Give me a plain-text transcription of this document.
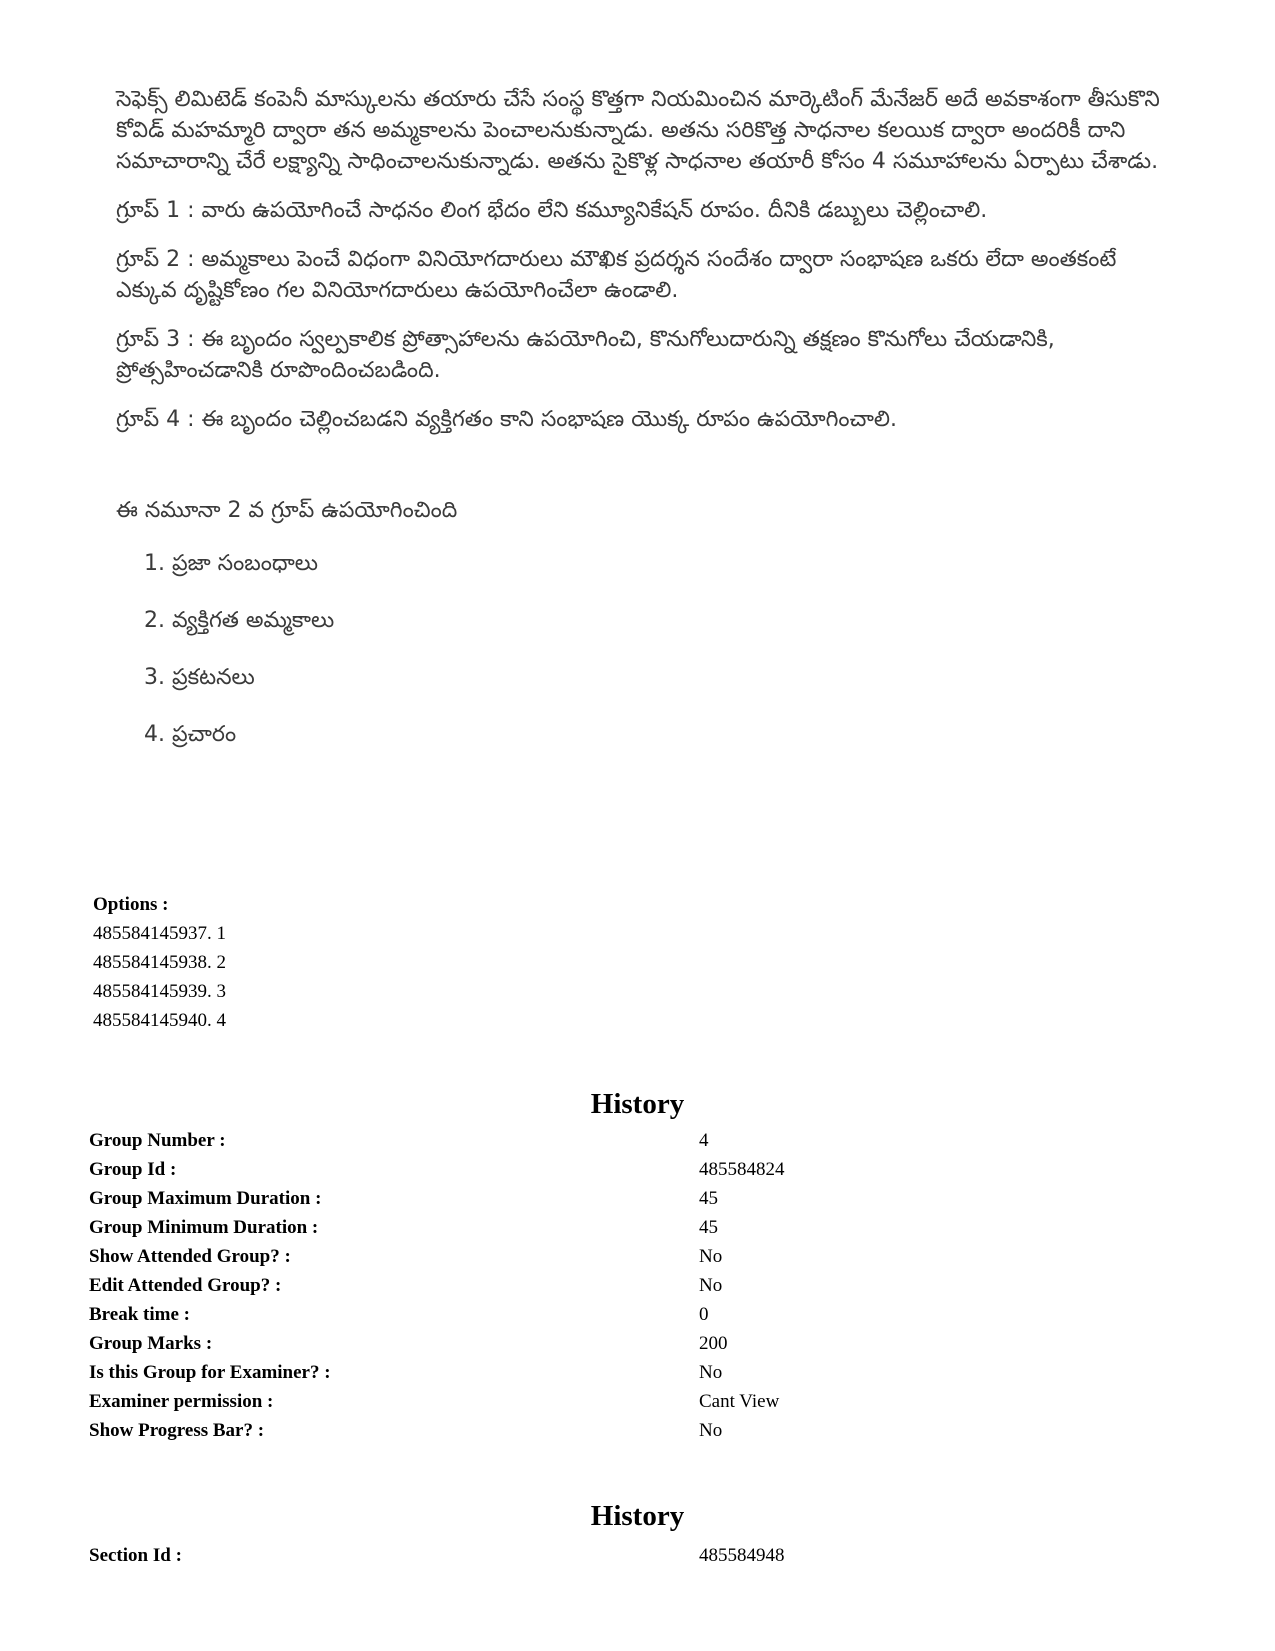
సెఫెక్స్ లిమిటెడ్ కంపెనీ మాస్కులను తయారు చేసే సంస్థ కొత్తగా నియమించిన మార్కెటింగ్ మేనేజర్ అదే అవకాశంగా తీసుకొని కోవిడ్ మహమ్మారి ద్వారా తన అమ్మకాలను పెంచాలనుకున్నాడు. అతను సరికొత్త సాధనాల కలయిక ద్వారా అందరికీ దాని సమాచారాన్ని చేరే లక్ష్యాన్ని సాధించాలనుకున్నాడు. అతను సైకొళ్ల సాధనాల తయారీ కోసం 4 సమూహాలను ఏర్పాటు చేశాడు.

గ్రూప్ 1 : వారు ఉపయోగించే సాధనం లింగ భేదం లేని కమ్యూనికేషన్ రూపం. దీనికి డబ్బులు చెల్లించాలి.

గ్రూప్ 2 : అమ్మకాలు పెంచే విధంగా వినియోగదారులు మౌఖిక ప్రదర్శన సందేశం ద్వారా సంభాషణ ఒకరు లేదా అంతకంటే ఎక్కువ దృష్టికోణం గల వినియోగదారులు ఉపయోగించేలా ఉండాలి.

గ్రూప్ 3 : ఈ బృందం స్వల్పకాలిక ప్రోత్సాహాలను ఉపయోగించి, కొనుగోలుదారున్ని తక్షణం కొనుగోలు చేయడానికి, ప్రోత్సహించడానికి రూపొందించబడింది.

గ్రూప్ 4 : ఈ బృందం చెల్లించబడని వ్యక్తిగతం కాని సంభాషణ యొక్క రూపం ఉపయోగించాలి.

ఈ నమూనా 2 వ గ్రూప్ ఉపయోగించింది

1. ప్రజా సంబంధాలు
2. వ్యక్తిగత అమ్మకాలు
3. ప్రకటనలు
4. ప్రచారం
Options :
485584145937. 1
485584145938. 2
485584145939. 3
485584145940. 4
History
Group Number :	4
Group Id :	485584824
Group Maximum Duration :	45
Group Minimum Duration :	45
Show Attended Group? :	No
Edit Attended Group? :	No
Break time :	0
Group Marks :	200
Is this Group for Examiner? :	No
Examiner permission :	Cant View
Show Progress Bar? :	No
History
Section Id :	485584948
